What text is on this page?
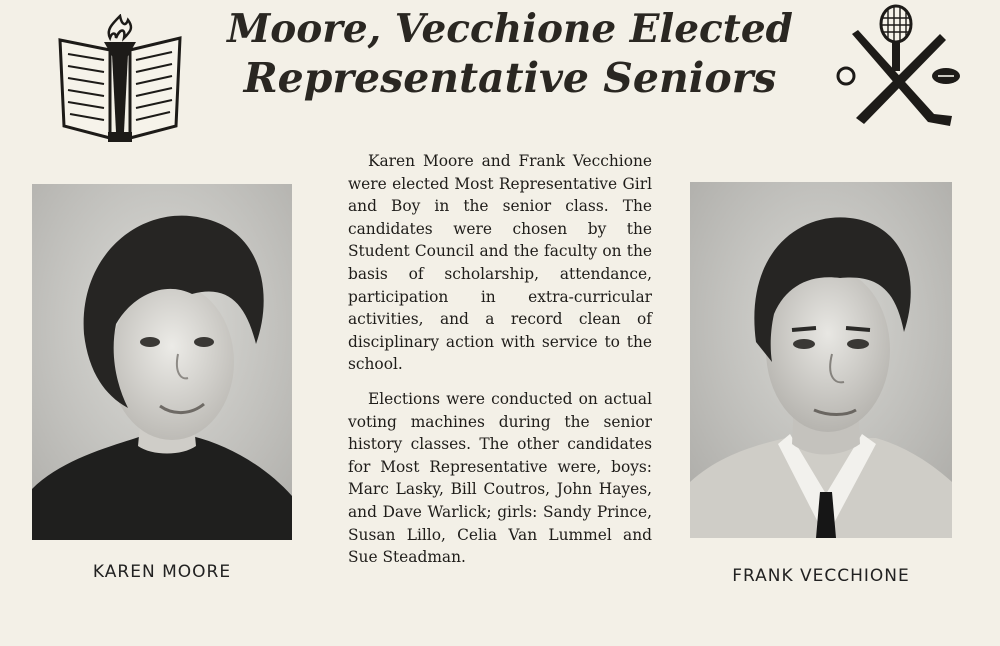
Moore, Vecchione Elected
Representative Seniors
KAREN MOORE	FRANK VECCHIONE

Karen Moore and Frank Vecchione were elected Most Representative Girl and Boy in the senior class. The candidates were chosen by the Student Council and the faculty on the basis of scholarship, attendance, participation in extra-curricular activities, and a record clean of disciplinary action with service to the school.

Elections were conducted on actual voting machines during the senior history classes. The other candidates for Most Representative were, boys: Marc Lasky, Bill Coutros, John Hayes, and Dave Warlick; girls: Sandy Prince, Susan Lillo, Celia Van Lummel and Sue Steadman.
